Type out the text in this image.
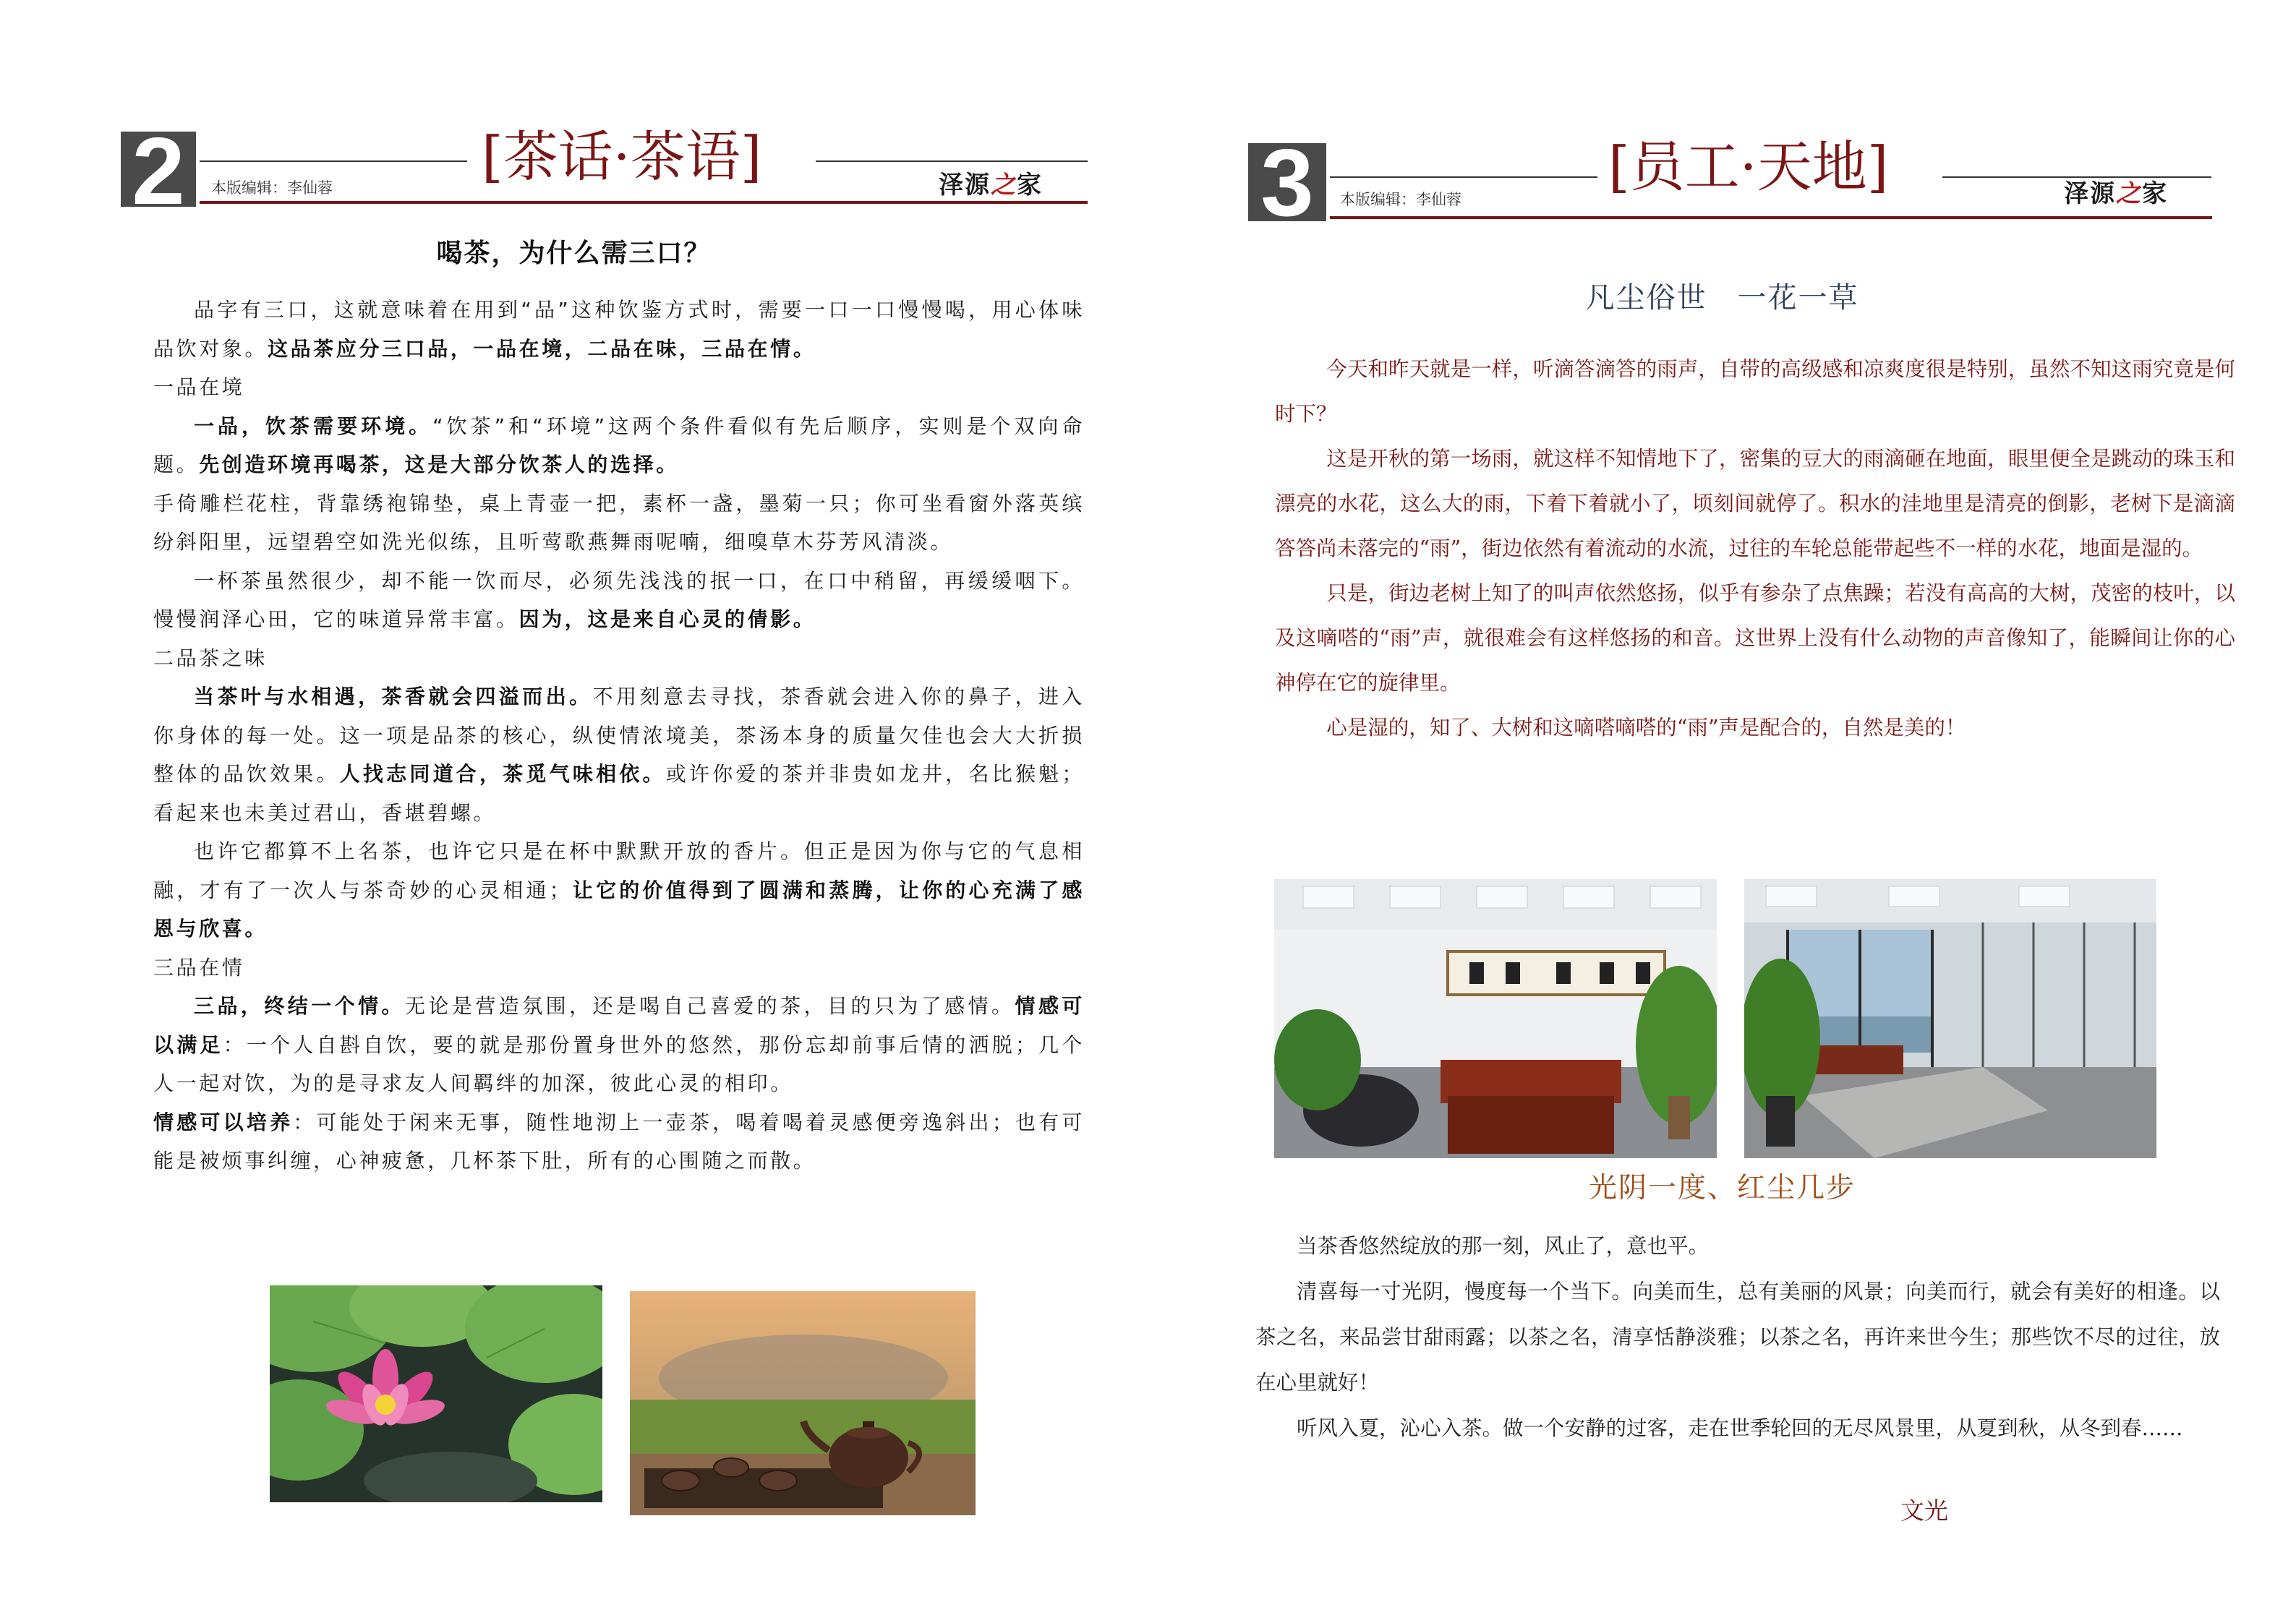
2	本版编辑：李仙蓉	[茶话·茶语]	泽源之家
喝茶，为什么需三口？

品字有三口，这就意味着在用到“品”这种饮鉴方式时，需要一口一口慢慢喝，用心体味品饮对象。这品茶应分三口品，一品在境，二品在味，三品在情。

一品在境

一品，饮茶需要环境。“饮茶”和“环境”这两个条件看似有先后顺序，实则是个双向命题。先创造环境再喝茶，这是大部分饮茶人的选择。

手倚雕栏花柱，背靠绣袍锦垫，桌上青壶一把，素杯一盏，墨菊一只；你可坐看窗外落英缤纷斜阳里，远望碧空如洗光似练，且听莺歌燕舞雨呢喃，细嗅草木芬芳风清淡。

一杯茶虽然很少，却不能一饮而尽，必须先浅浅的抿一口，在口中稍留，再缓缓咽下。慢慢润泽心田，它的味道异常丰富。因为，这是来自心灵的倩影。

二品茶之味

当茶叶与水相遇，茶香就会四溢而出。不用刻意去寻找，茶香就会进入你的鼻子，进入你身体的每一处。这一项是品茶的核心，纵使情浓境美，茶汤本身的质量欠佳也会大大折损整体的品饮效果。人找志同道合，茶觅气味相依。或许你爱的茶并非贵如龙井，名比猴魁；看起来也未美过君山，香堪碧螺。

也许它都算不上名茶，也许它只是在杯中默默开放的香片。但正是因为你与它的气息相融，才有了一次人与茶奇妙的心灵相通；让它的价值得到了圆满和蒸腾，让你的心充满了感恩与欣喜。

三品在情

三品，终结一个情。无论是营造氛围，还是喝自己喜爱的茶，目的只为了感情。情感可以满足：一个人自斟自饮，要的就是那份置身世外的悠然，那份忘却前事后情的洒脱；几个人一起对饮，为的是寻求友人间羁绊的加深，彼此心灵的相印。

情感可以培养：可能处于闲来无事，随性地沏上一壶茶，喝着喝着灵感便旁逸斜出；也有可能是被烦事纠缠，心神疲惫，几杯茶下肚，所有的心围随之而散。

3	本版编辑：李仙蓉
[员工·天地]	泽源之家
凡尘俗世　一花一草

今天和昨天就是一样，听滴答滴答的雨声，自带的高级感和凉爽度很是特别，虽然不知这雨究竟是何时下？

这是开秋的第一场雨，就这样不知情地下了，密集的豆大的雨滴砸在地面，眼里便全是跳动的珠玉和漂亮的水花，这么大的雨，下着下着就小了，顷刻间就停了。积水的洼地里是清亮的倒影，老树下是滴滴答答尚未落完的“雨”，街边依然有着流动的水流，过往的车轮总能带起些不一样的水花，地面是湿的。

只是，街边老树上知了的叫声依然悠扬，似乎有参杂了点焦躁；若没有高高的大树，茂密的枝叶，以及这嘀嗒的“雨”声，就很难会有这样悠扬的和音。这世界上没有什么动物的声音像知了，能瞬间让你的心神停在它的旋律里。

心是湿的，知了、大树和这嘀嗒嘀嗒的“雨”声是配合的，自然是美的！

光阴一度、红尘几步

当茶香悠然绽放的那一刻，风止了，意也平。

清喜每一寸光阴，慢度每一个当下。向美而生，总有美丽的风景；向美而行，就会有美好的相逢。以茶之名，来品尝甘甜雨露；以茶之名，清享恬静淡雅；以茶之名，再许来世今生；那些饮不尽的过往，放在心里就好！

听风入夏，沁心入茶。做一个安静的过客，走在世季轮回的无尽风景里，从夏到秋，从冬到春……

文光
